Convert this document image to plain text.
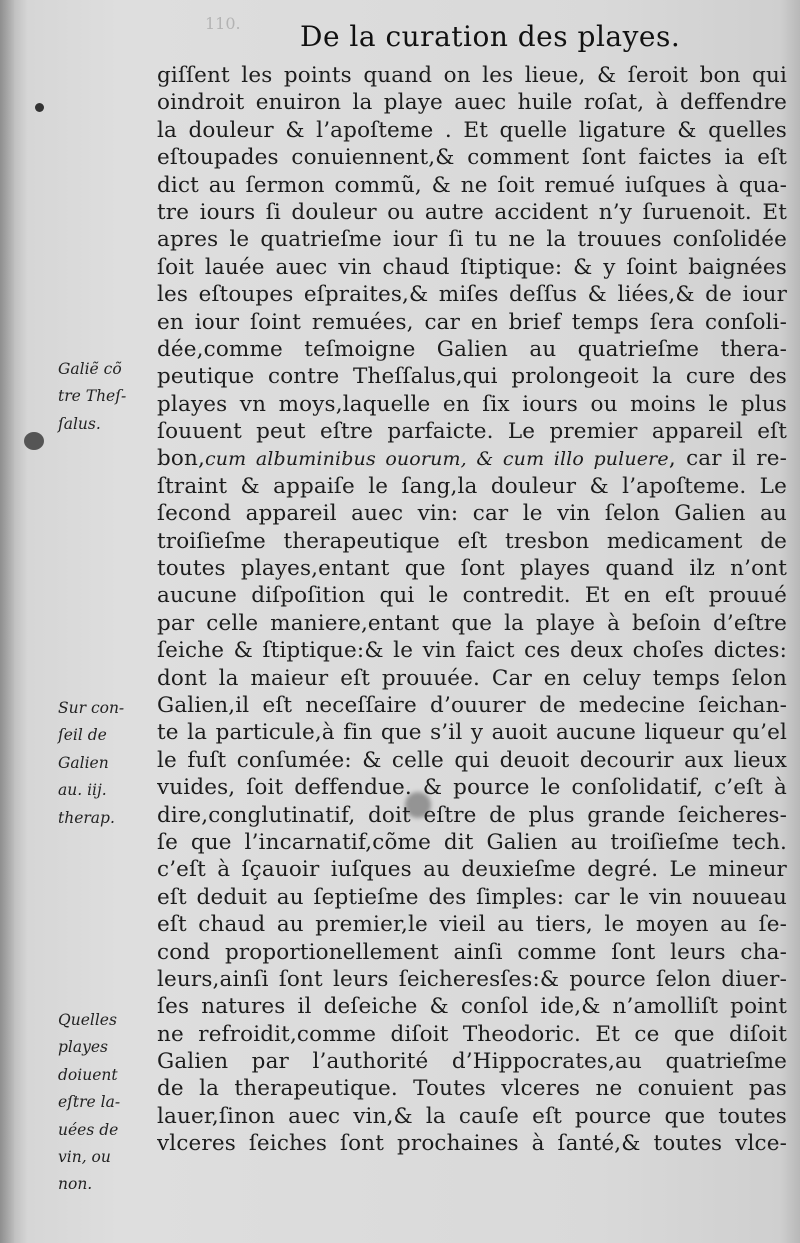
110. De la curation des playes.
giſſent les points quand on les lieue, & ſeroit bon qui
oindroit enuiron la playe auec huile roſat, à deffendre
la douleur & l’apoſteme . Et quelle ligature & quelles
eſtoupades conuiennent,& comment ſont faictes ia eſt
dict au ſermon commũ, & ne ſoit remué iuſques à qua-
tre iours ſi douleur ou autre accident n’y ſuruenoit. Et
apres le quatrieſme iour ſi tu ne la trouues conſolidée
ſoit lauée auec vin chaud ſtiptique: & y ſoint baignées
les eſtoupes eſpraites,& miſes deſſus & liées,& de iour
en iour ſoint remuées, car en brief temps ſera conſoli-
dée,comme teſmoigne Galien au quatrieſme thera-
peutique contre Theſſalus,qui prolongeoit la cure des
playes vn moys,laquelle en ſix iours ou moins le plus
ſouuent peut eſtre parfaicte. Le premier appareil eſt
bon,cum albuminibus ouorum, & cum illo puluere, car il re-
ſtraint & appaiſe le ſang,la douleur & l’apoſteme. Le
ſecond appareil auec vin: car le vin ſelon Galien au
troiſieſme therapeutique eſt tresbon medicament de
toutes playes,entant que ſont playes quand ilz n’ont
aucune diſpoſition qui le contredit. Et en eſt prouué
par celle maniere,entant que la playe à beſoin d’eſtre
ſeiche & ſtiptique:& le vin faict ces deux choſes dictes:
dont la maieur eſt prouuée. Car en celuy temps ſelon
Galien,il eſt neceſſaire d’ouurer de medecine ſeichan-
te la particule,à fin que s’il y auoit aucune liqueur qu’el
le fuſt conſumée: & celle qui deuoit decourir aux lieux
vuides, ſoit deffendue. & pource le conſolidatif, c’eſt à
dire,conglutinatif, doit eſtre de plus grande ſeicheres-
ſe que l’incarnatif,cõme dit Galien au troiſieſme tech.
c’eſt à ſçauoir iuſques au deuxieſme degré. Le mineur
eſt deduit au ſeptieſme des ſimples: car le vin nouueau
eſt chaud au premier,le vieil au tiers, le moyen au ſe-
cond proportionellement ainſi comme ſont leurs cha-
leurs,ainſi ſont leurs ſeicheresſes:& pource ſelon diuer-
ſes natures il deſeiche & conſol ide,& n’amolliſt point
ne refroidit,comme diſoit Theodoric. Et ce que diſoit
Galien par l’authorité d’Hippocrates,au quatrieſme
de la therapeutique. Toutes vlceres ne conuient pas
lauer,ſinon auec vin,& la cauſe eſt pource que toutes
vlceres ſeiches ſont prochaines à ſanté,& toutes vlce-
Galiẽ cõ
tre Theſ-
ſalus.
Sur con-
ſeil de
Galien
au. iij.
therap.
Quelles
playes
doiuent
eſtre la-
uées de
vin, ou
non.
